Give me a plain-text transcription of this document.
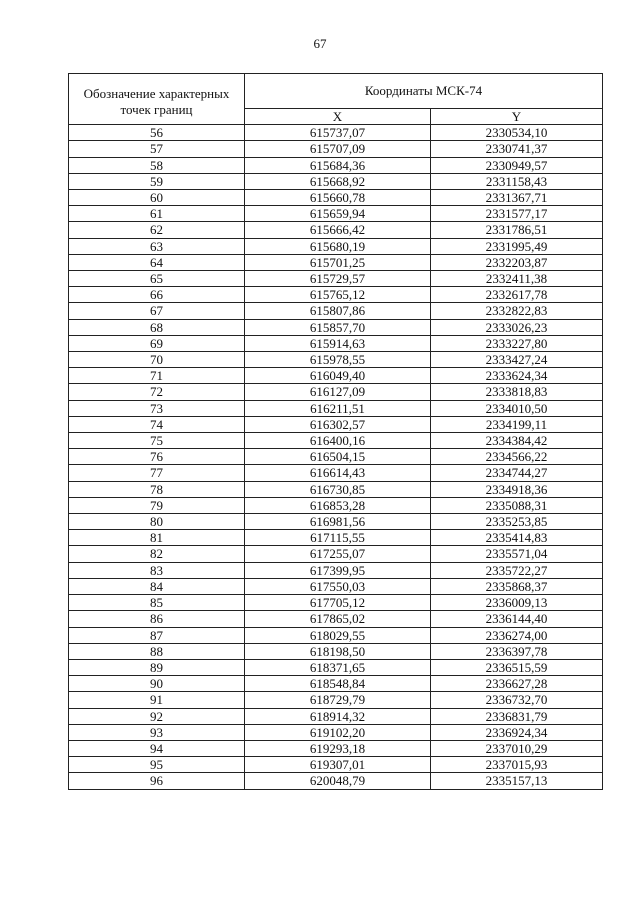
67
Обозначение характерных точек границ	Координаты МСК-74	
	X	Y
56	615737,07	2330534,10
57	615707,09	2330741,37
58	615684,36	2330949,57
59	615668,92	2331158,43
60	615660,78	2331367,71
61	615659,94	2331577,17
62	615666,42	2331786,51
63	615680,19	2331995,49
64	615701,25	2332203,87
65	615729,57	2332411,38
66	615765,12	2332617,78
67	615807,86	2332822,83
68	615857,70	2333026,23
69	615914,63	2333227,80
70	615978,55	2333427,24
71	616049,40	2333624,34
72	616127,09	2333818,83
73	616211,51	2334010,50
74	616302,57	2334199,11
75	616400,16	2334384,42
76	616504,15	2334566,22
77	616614,43	2334744,27
78	616730,85	2334918,36
79	616853,28	2335088,31
80	616981,56	2335253,85
81	617115,55	2335414,83
82	617255,07	2335571,04
83	617399,95	2335722,27
84	617550,03	2335868,37
85	617705,12	2336009,13
86	617865,02	2336144,40
87	618029,55	2336274,00
88	618198,50	2336397,78
89	618371,65	2336515,59
90	618548,84	2336627,28
91	618729,79	2336732,70
92	618914,32	2336831,79
93	619102,20	2336924,34
94	619293,18	2337010,29
95	619307,01	2337015,93
96	620048,79	2335157,13
